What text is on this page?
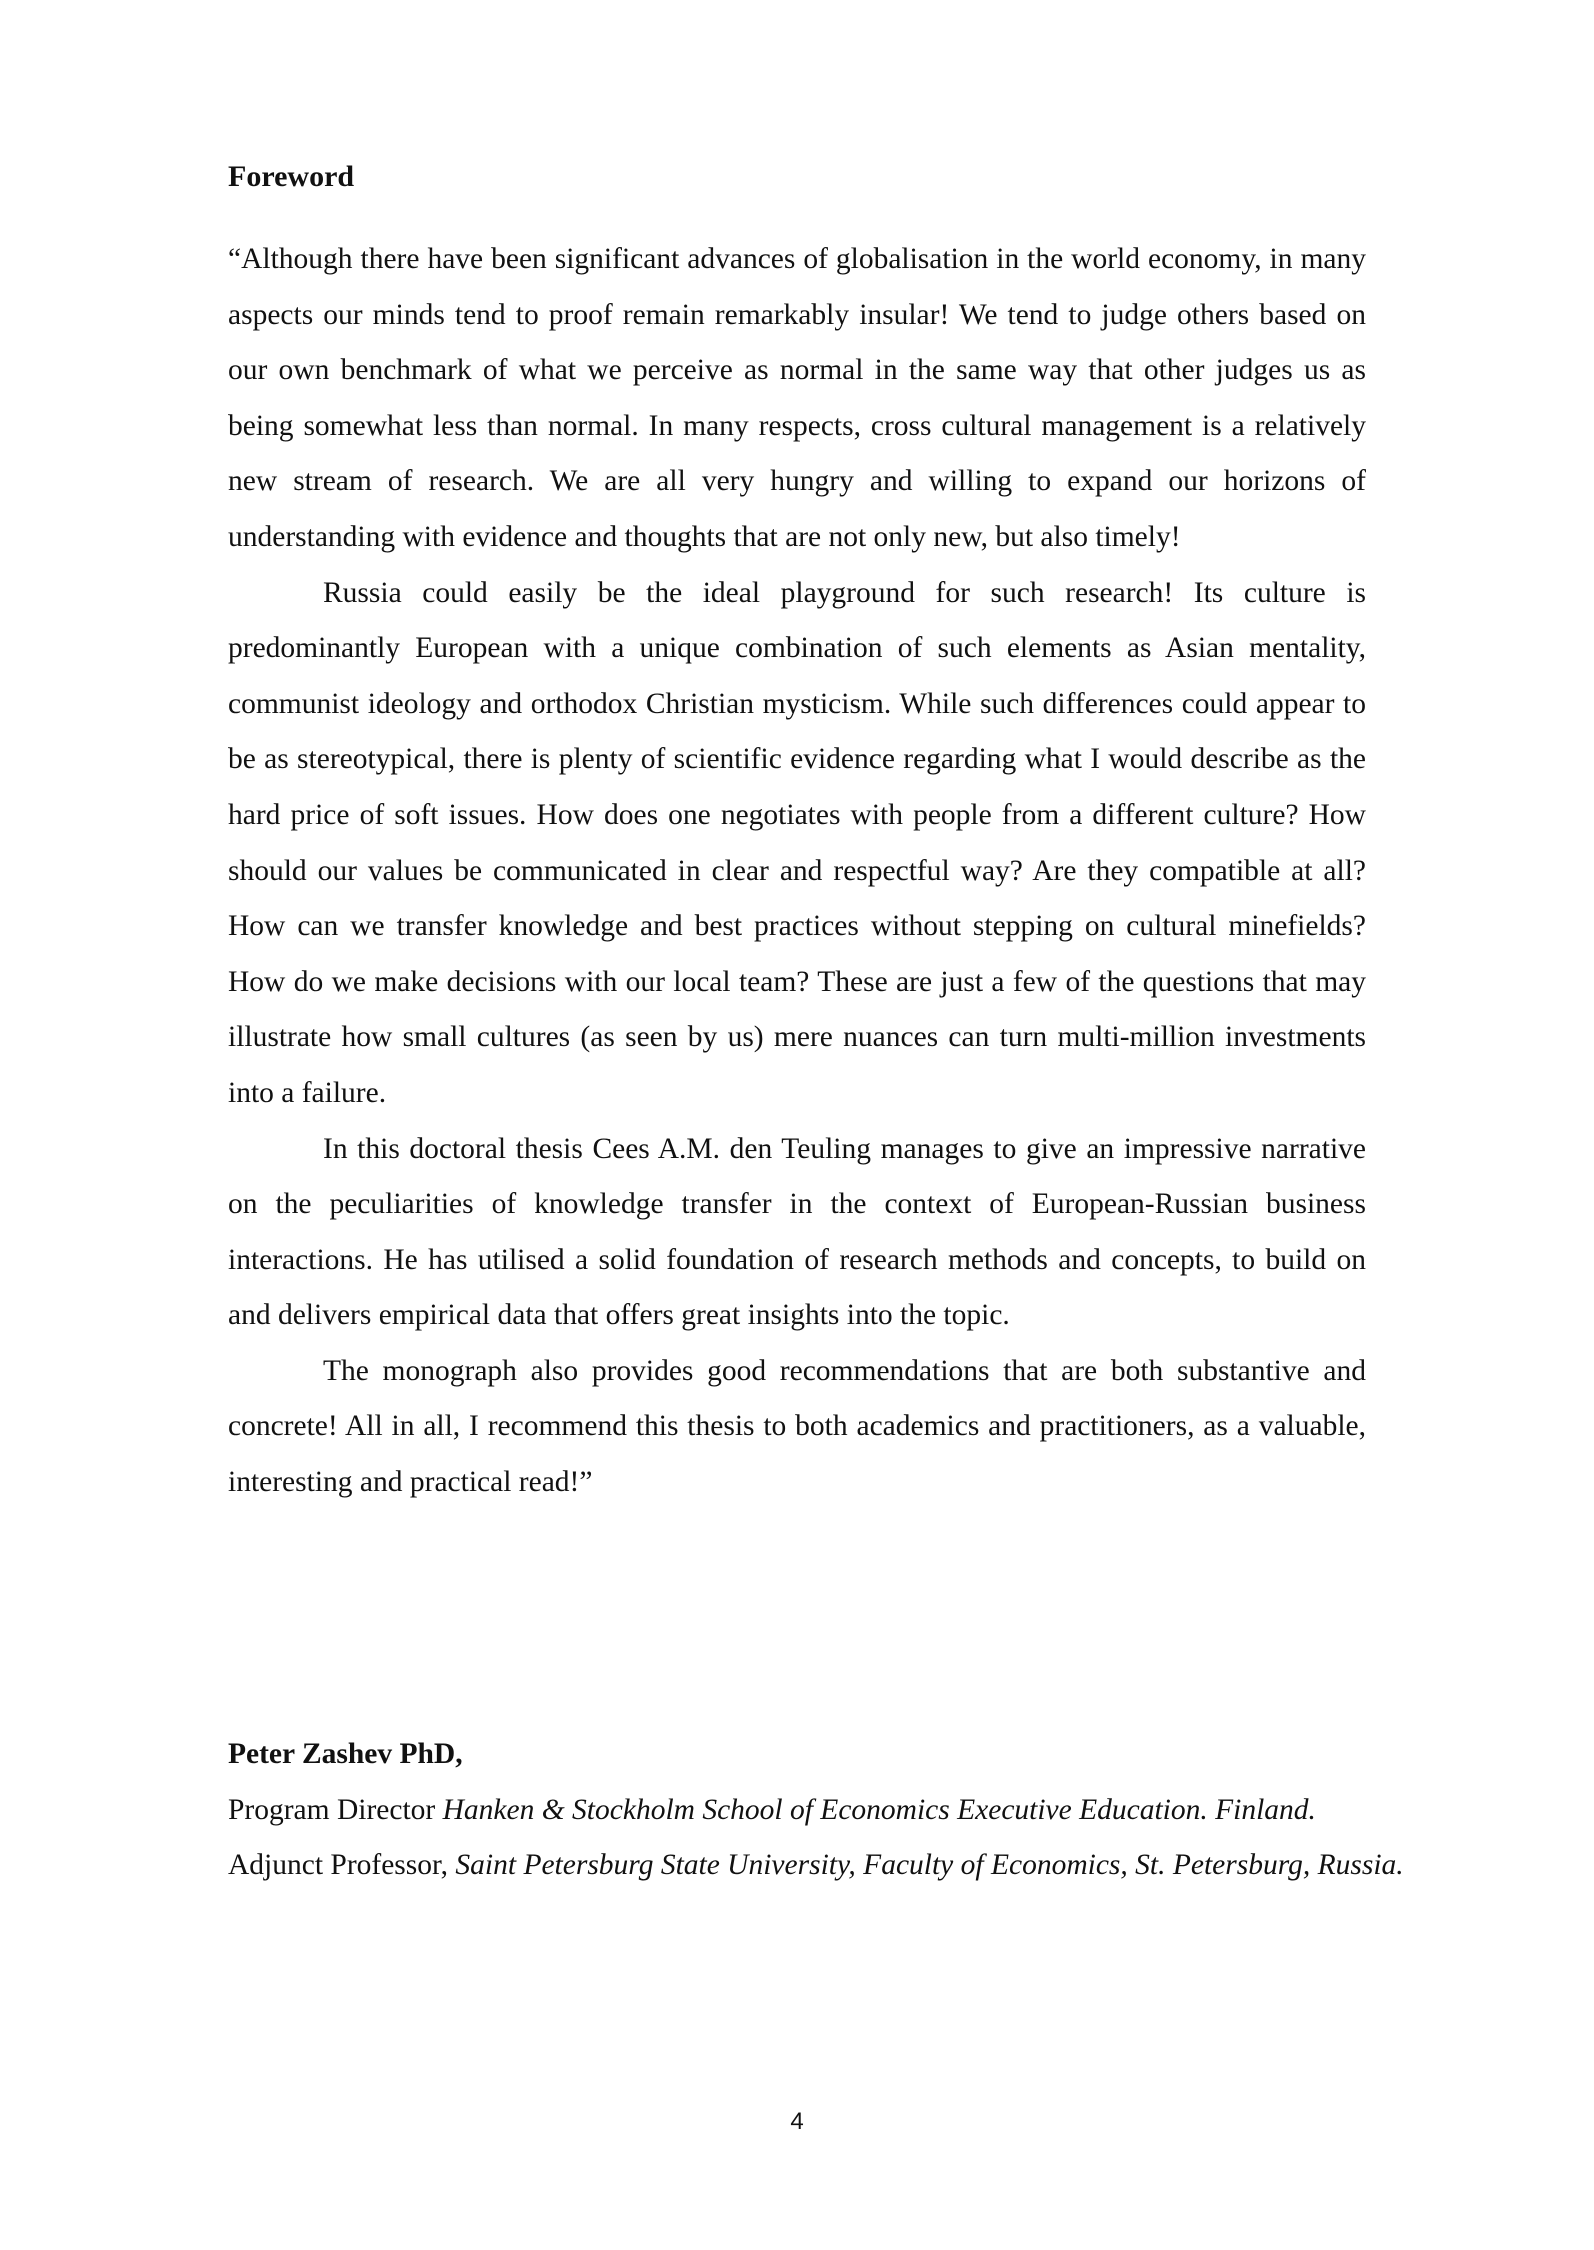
Foreword

“Although there have been significant advances of globalisation in the world economy, in many aspects our minds tend to proof remain remarkably insular! We tend to judge others based on our own benchmark of what we perceive as normal in the same way that other judges us as being somewhat less than normal. In many respects, cross cultural management is a relatively new stream of research. We are all very hungry and willing to expand our horizons of understanding with evidence and thoughts that are not only new, but also timely!

Russia could easily be the ideal playground for such research! Its culture is predominantly European with a unique combination of such elements as Asian mentality, communist ideology and orthodox Christian mysticism. While such differences could appear to be as stereotypical, there is plenty of scientific evidence regarding what I would describe as the hard price of soft issues. How does one negotiates with people from a different culture? How should our values be communicated in clear and respectful way? Are they compatible at all? How can we transfer knowledge and best practices without stepping on cultural minefields? How do we make decisions with our local team? These are just a few of the questions that may illustrate how small cultures (as seen by us) mere nuances can turn multi-million investments into a failure.

In this doctoral thesis Cees A.M. den Teuling manages to give an impressive narrative on the peculiarities of knowledge transfer in the context of European-Russian business interactions. He has utilised a solid foundation of research methods and concepts, to build on and delivers empirical data that offers great insights into the topic.

The monograph also provides good recommendations that are both substantive and concrete! All in all, I recommend this thesis to both academics and practitioners, as a valuable, interesting and practical read!”

Peter Zashev PhD,
Program Director Hanken & Stockholm School of Economics Executive Education. Finland.
Adjunct Professor, Saint Petersburg State University, Faculty of Economics, St. Petersburg, Russia.
4
